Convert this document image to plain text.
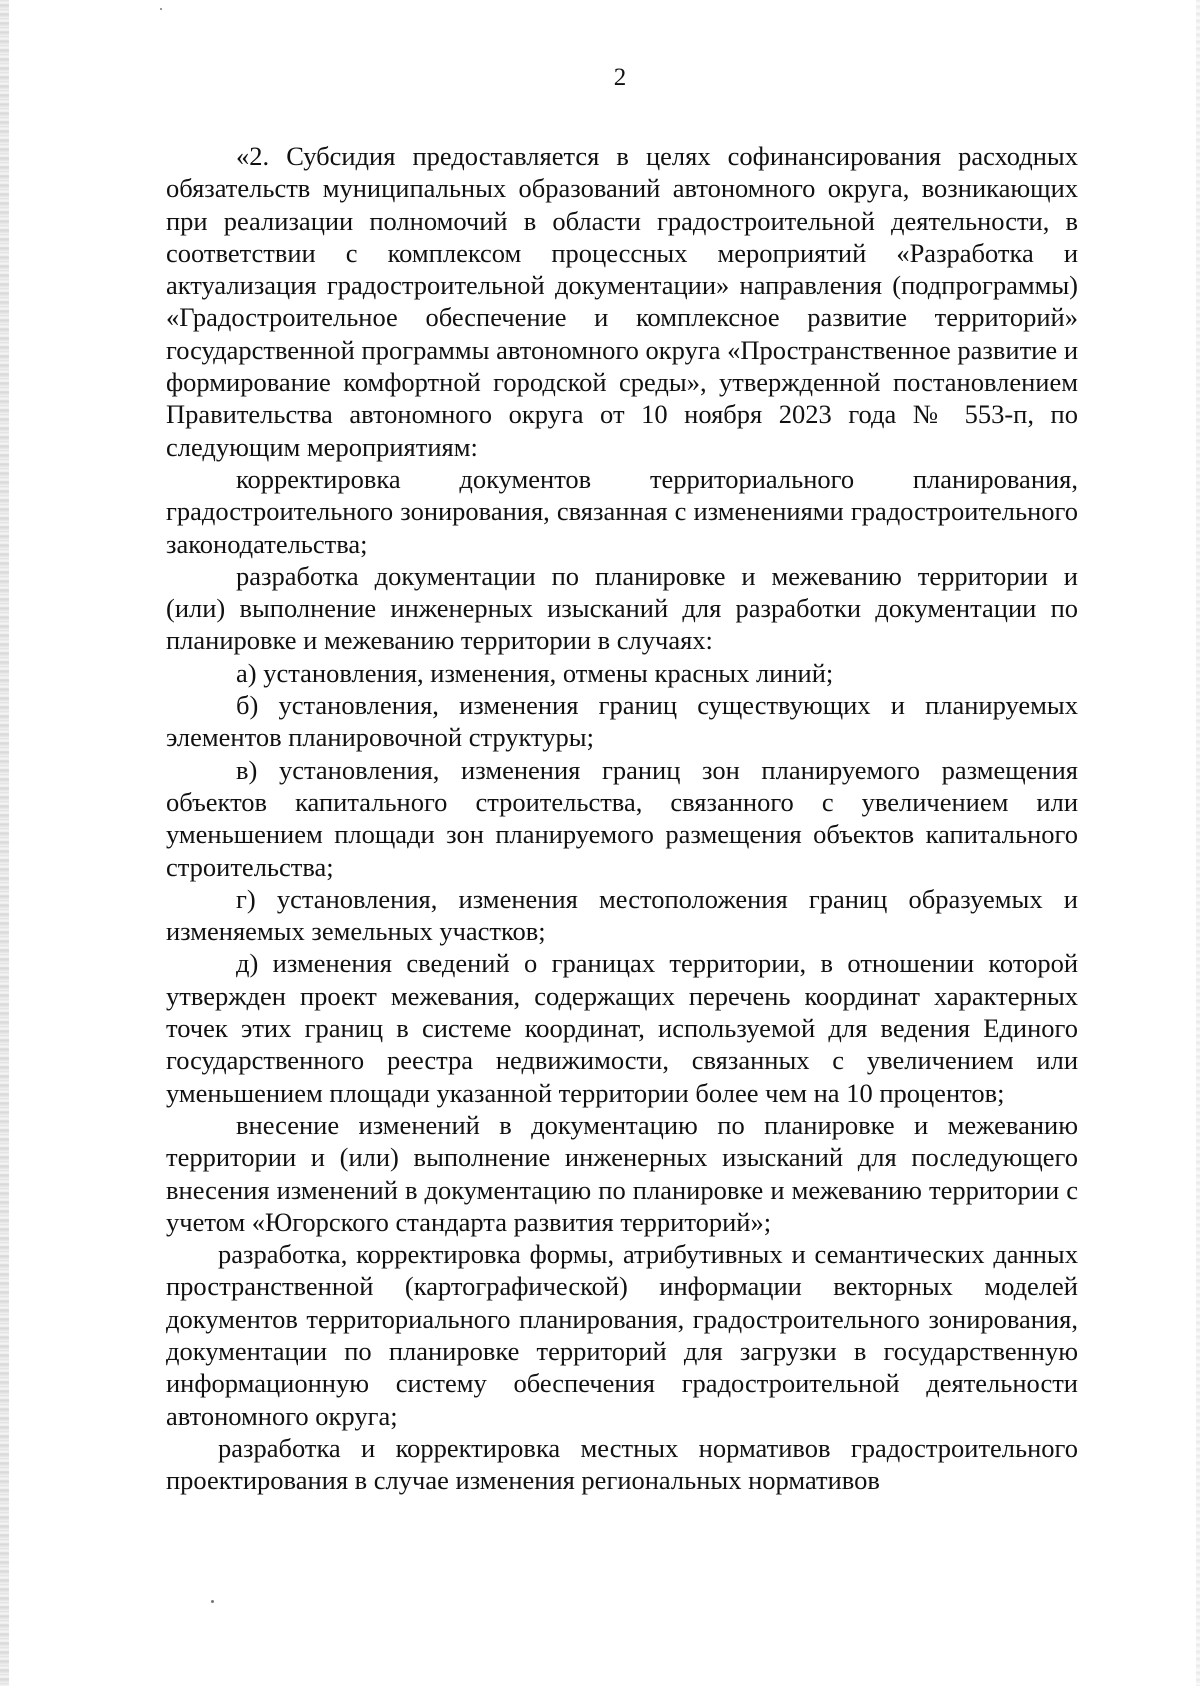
2

«2. Субсидия предоставляется в целях софинансирования расходных обязательств муниципальных образований автономного округа, возникающих при реализации полномочий в области градостроительной деятельности, в соответствии с комплексом процессных мероприятий «Разработка и актуализация градостроительной документации» направления (подпрограммы) «Градостроительное обеспечение и комплексное развитие территорий» государственной программы автономного округа «Пространственное развитие и формирование комфортной городской среды», утвержденной постановлением Правительства автономного округа от 10 ноября 2023 года № 553-п, по следующим мероприятиям:

корректировка документов территориального планирования, градостроительного зонирования, связанная с изменениями градостроительного законодательства;

разработка документации по планировке и межеванию территории и (или) выполнение инженерных изысканий для разработки документации по планировке и межеванию территории в случаях:

а) установления, изменения, отмены красных линий;

б) установления, изменения границ существующих и планируемых элементов планировочной структуры;

в) установления, изменения границ зон планируемого размещения объектов капитального строительства, связанного с увеличением или уменьшением площади зон планируемого размещения объектов капитального строительства;

г) установления, изменения местоположения границ образуемых и изменяемых земельных участков;

д) изменения сведений о границах территории, в отношении которой утвержден проект межевания, содержащих перечень координат характерных точек этих границ в системе координат, используемой для ведения Единого государственного реестра недвижимости, связанных с увеличением или уменьшением площади указанной территории более чем на 10 процентов;

внесение изменений в документацию по планировке и межеванию территории и (или) выполнение инженерных изысканий для последующего внесения изменений в документацию по планировке и межеванию территории с учетом «Югорского стандарта развития территорий»;

разработка, корректировка формы, атрибутивных и семантических данных пространственной (картографической) информации векторных моделей документов территориального планирования, градостроительного зонирования, документации по планировке территорий для загрузки в государственную информационную систему обеспечения градостроительной деятельности автономного округа;

разработка и корректировка местных нормативов градостроительного проектирования в случае изменения региональных нормативов
